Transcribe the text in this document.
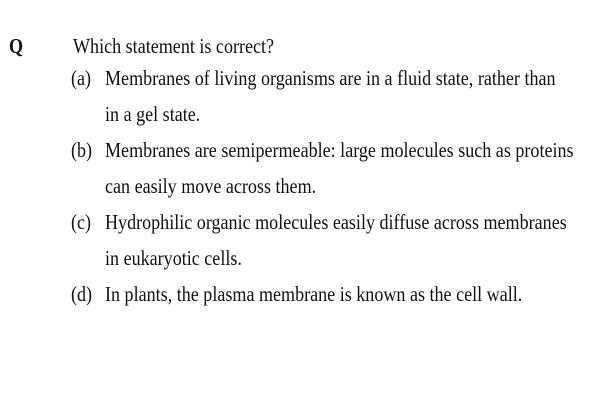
Q Which statement is correct?
(a) Membranes of living organisms are in a fluid state, rather than
in a gel state.
(b) Membranes are semipermeable: large molecules such as proteins
can easily move across them.
(c) Hydrophilic organic molecules easily diffuse across membranes
in eukaryotic cells.
(d) In plants, the plasma membrane is known as the cell wall.
